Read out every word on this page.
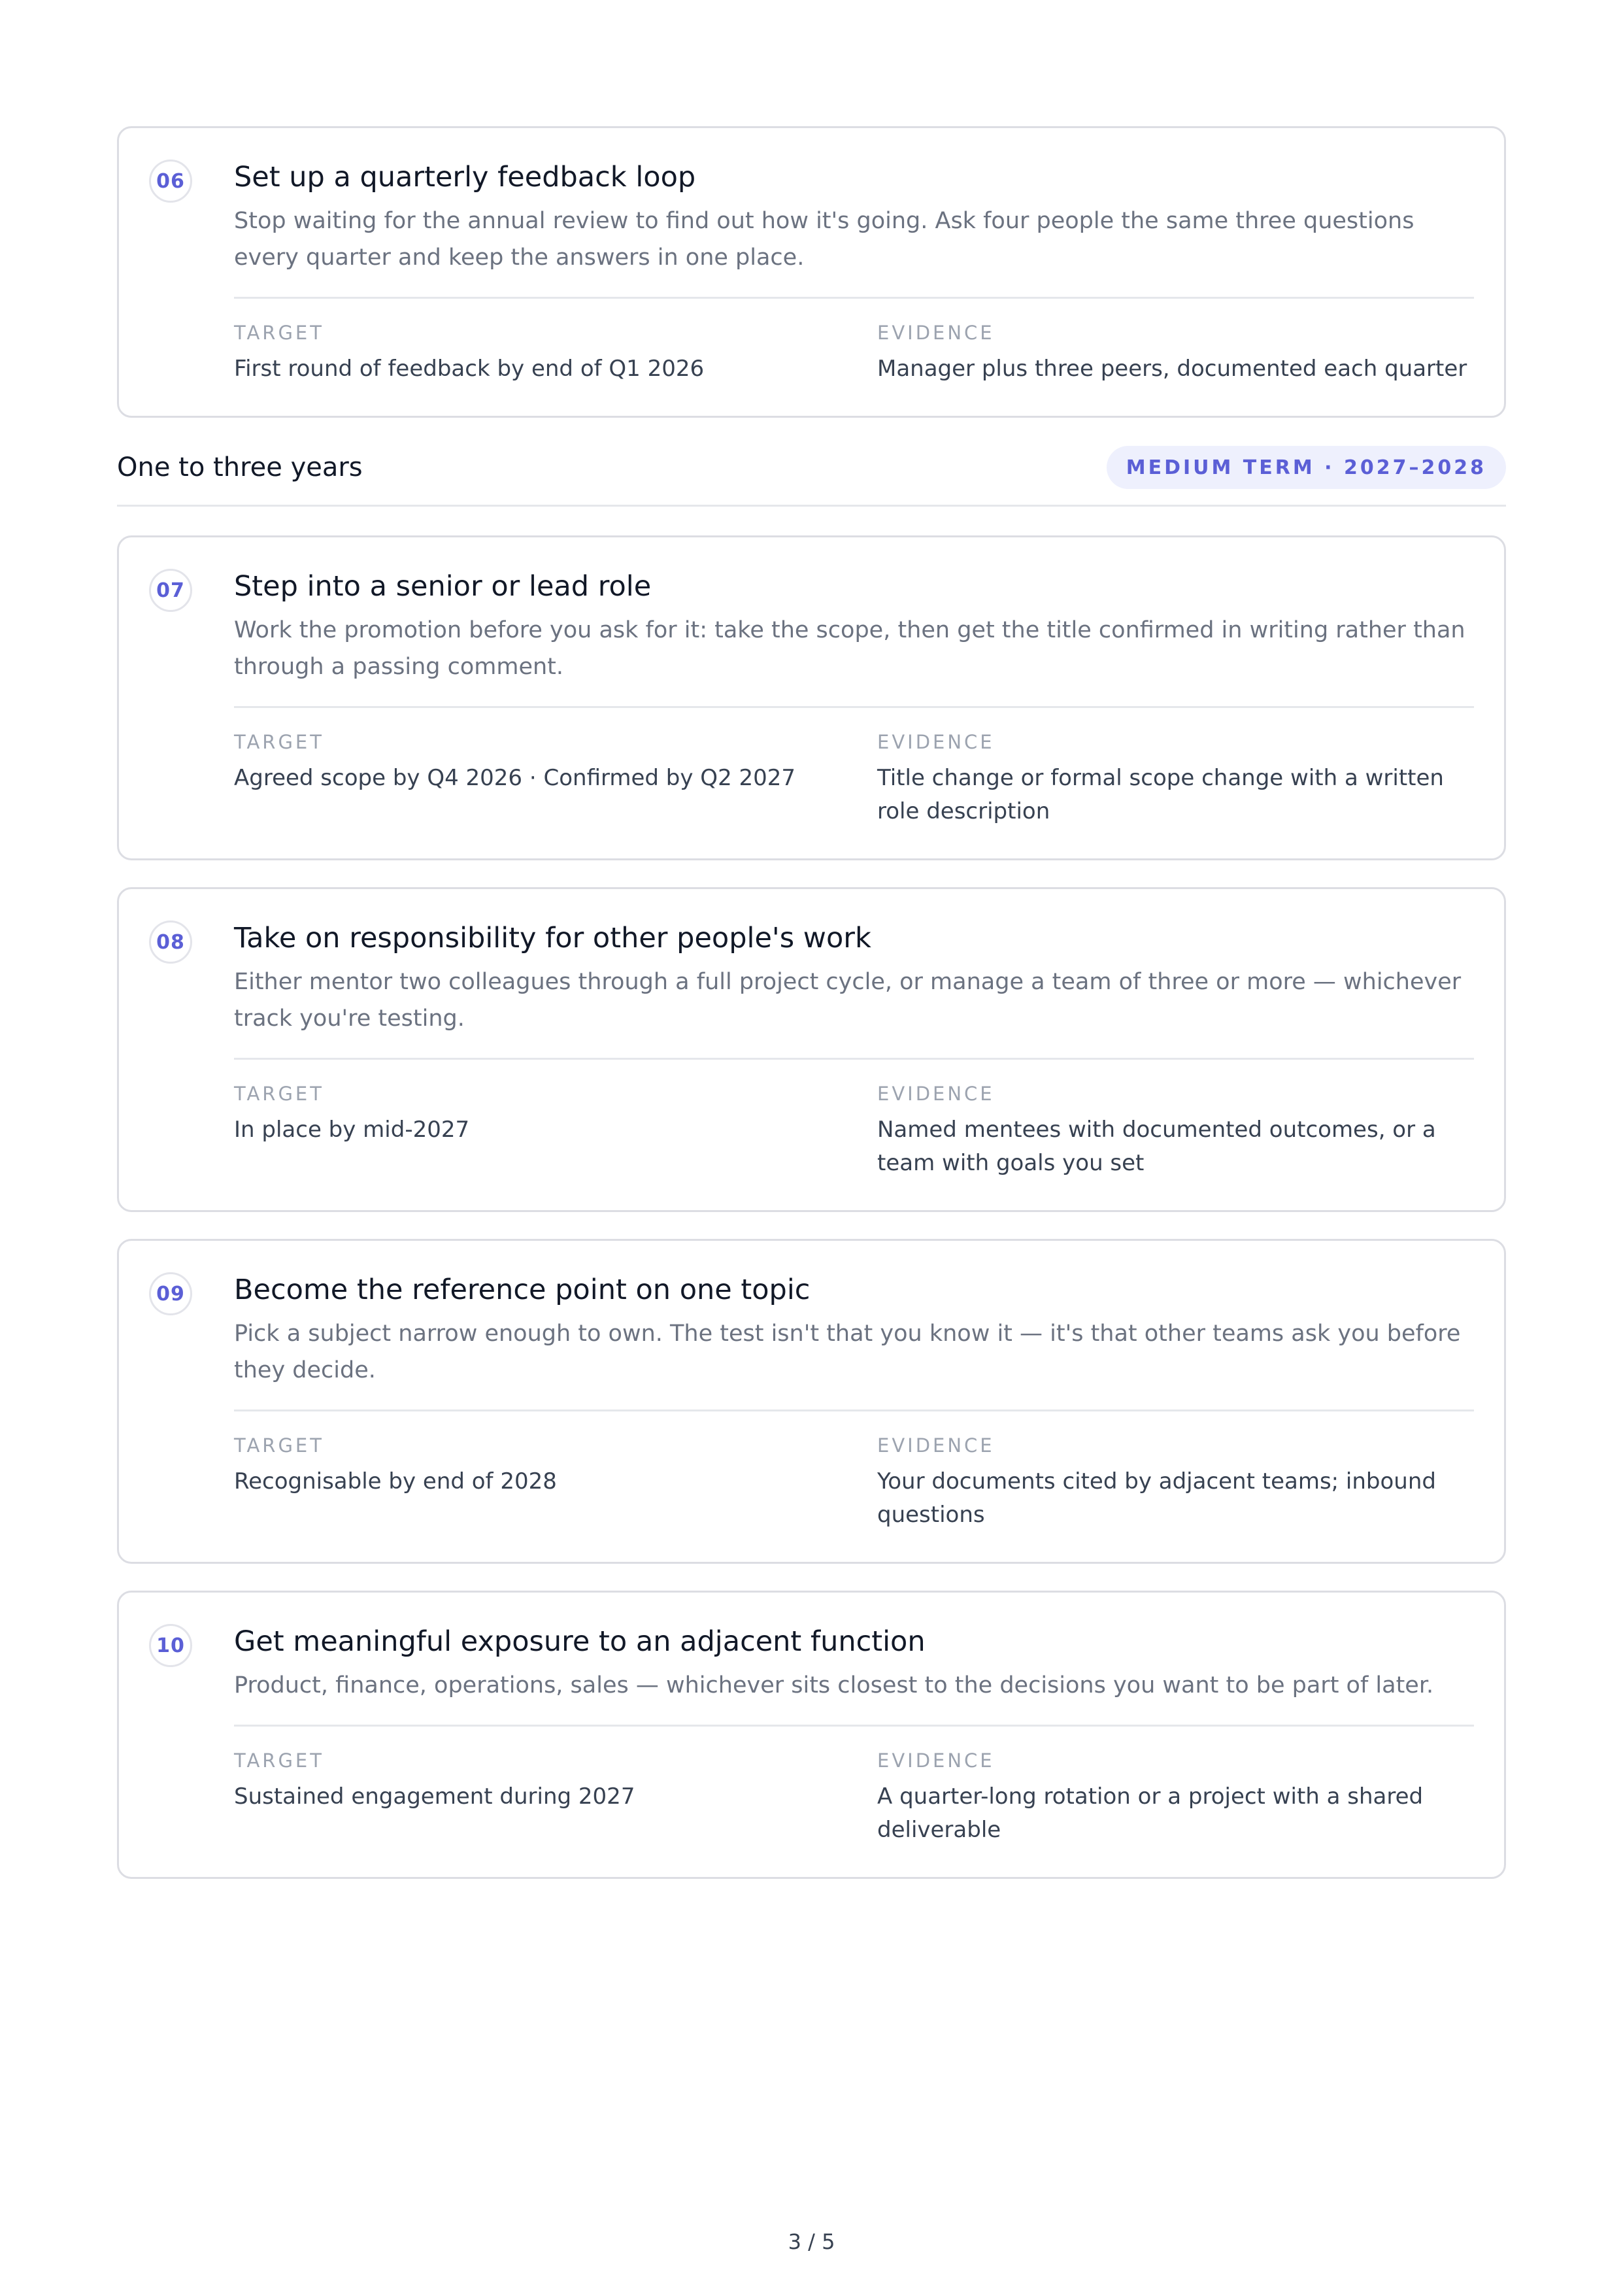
06 Set up a quarterly feedback loop

Stop waiting for the annual review to find out how it's going. Ask four people the same three questions every quarter and keep the answers in one place.

TARGET
First round of feedback by end of Q1 2026
EVIDENCE
Manager plus three peers, documented each quarter
One to three years	MEDIUM TERM · 2027–2028
07 Step into a senior or lead role

Work the promotion before you ask for it: take the scope, then get the title confirmed in writing rather than through a passing comment.

TARGET
Agreed scope by Q4 2026 · Confirmed by Q2 2027
EVIDENCE
Title change or formal scope change with a written role description
08 Take on responsibility for other people's work

Either mentor two colleagues through a full project cycle, or manage a team of three or more — whichever track you're testing.

TARGET
In place by mid-2027
EVIDENCE
Named mentees with documented outcomes, or a team with goals you set
09 Become the reference point on one topic

Pick a subject narrow enough to own. The test isn't that you know it — it's that other teams ask you before they decide.

TARGET
Recognisable by end of 2028
EVIDENCE
Your documents cited by adjacent teams; inbound questions
10 Get meaningful exposure to an adjacent function

Product, finance, operations, sales — whichever sits closest to the decisions you want to be part of later.

TARGET
Sustained engagement during 2027
EVIDENCE
A quarter-long rotation or a project with a shared deliverable
3 / 5
